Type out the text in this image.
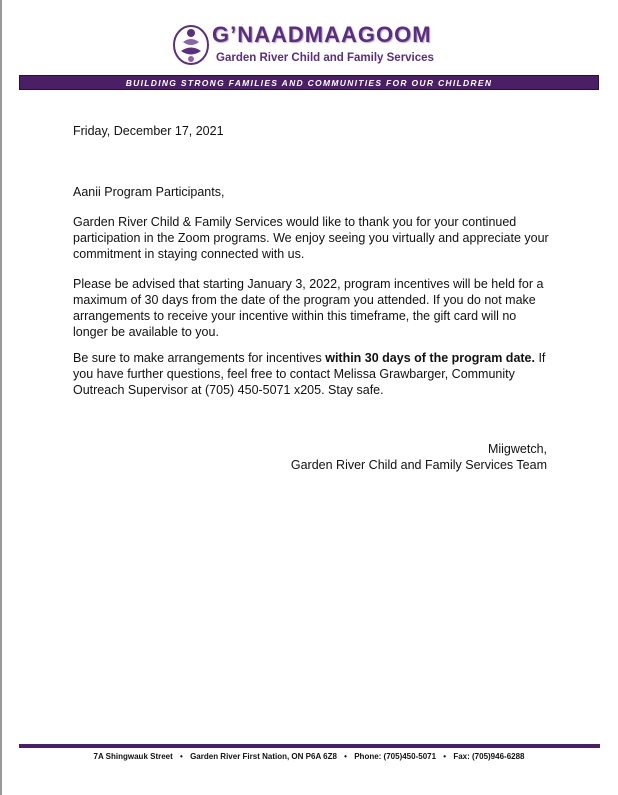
G’NAADMAAGOOM
Garden River Child and Family Services
BUILDING STRONG FAMILIES AND COMMUNITIES FOR OUR CHILDREN
Friday, December 17, 2021
Aanii Program Participants,
Garden River Child & Family Services would like to thank you for your continued participation in the Zoom programs. We enjoy seeing you virtually and appreciate your commitment in staying connected with us.
Please be advised that starting January 3, 2022, program incentives will be held for a maximum of 30 days from the date of the program you attended. If you do not make arrangements to receive your incentive within this timeframe, the gift card will no longer be available to you.
Be sure to make arrangements for incentives within 30 days of the program date. If you have further questions, feel free to contact Melissa Grawbarger, Community Outreach Supervisor at (705) 450-5071 x205. Stay safe.
Miigwetch,
Garden River Child and Family Services Team
7A Shingwauk Street • Garden River First Nation, ON P6A 6Z8 • Phone: (705)450-5071 • Fax: (705)946-6288
